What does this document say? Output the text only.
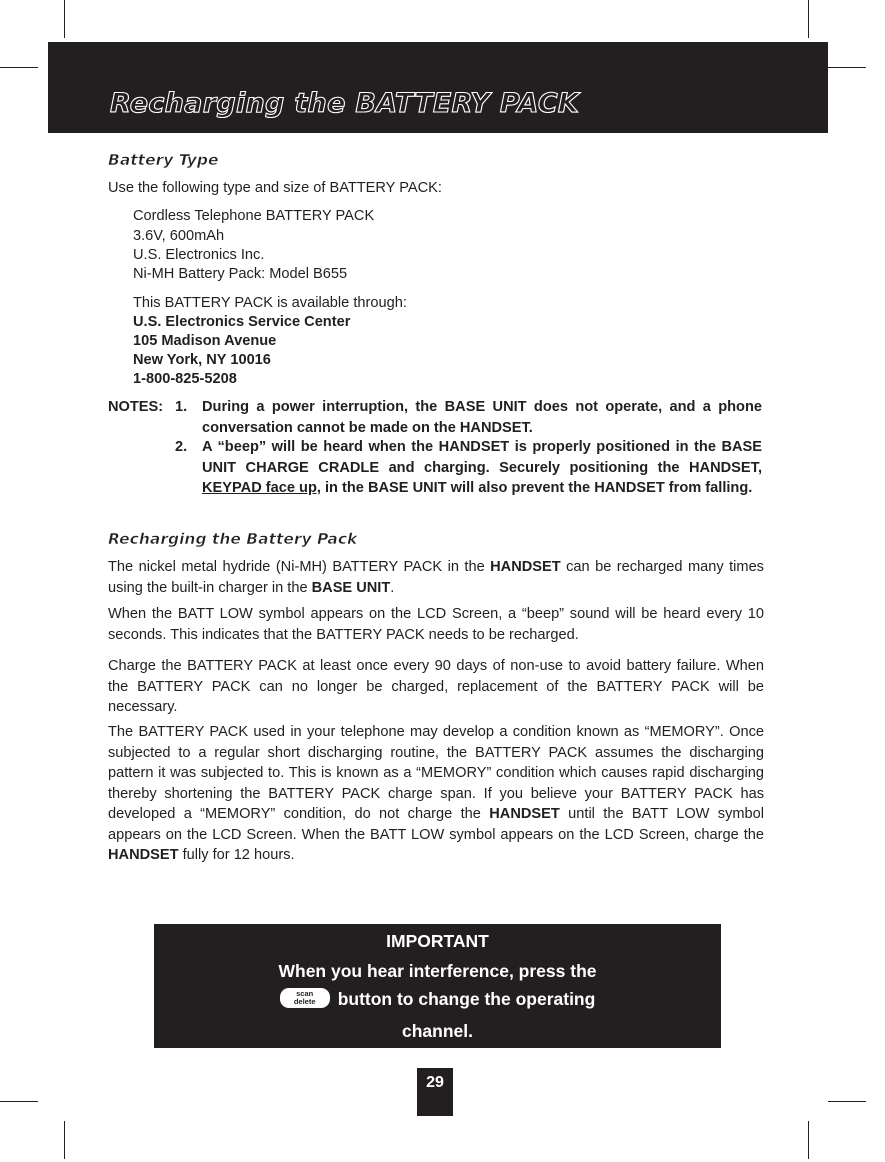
Recharging the BATTERY PACK
Battery Type

Use the following type and size of BATTERY PACK:

Cordless Telephone BATTERY PACK

3.6V, 600mAh

U.S. Electronics Inc.

Ni-MH Battery Pack: Model B655

This BATTERY PACK is available through:

U.S. Electronics Service Center

105 Madison Avenue

New York, NY 10016

1-800-825-5208

NOTES: 1. During a power interruption, the BASE UNIT does not operate, and a phone conversation cannot be made on the HANDSET.
2. A “beep” will be heard when the HANDSET is properly positioned in the BASE UNIT CHARGE CRADLE and charging. Securely positioning the HANDSET, KEYPAD face up, in the BASE UNIT will also prevent the HANDSET from falling.
Recharging the Battery Pack

The nickel metal hydride (Ni-MH) BATTERY PACK in the HANDSET can be recharged many times using the built-in charger in the BASE UNIT.

When the BATT LOW symbol appears on the LCD Screen, a “beep” sound will be heard every 10 seconds. This indicates that the BATTERY PACK needs to be recharged.

Charge the BATTERY PACK at least once every 90 days of non-use to avoid battery failure. When the BATTERY PACK can no longer be charged, replacement of the BATTERY PACK will be necessary.

The BATTERY PACK used in your telephone may develop a condition known as “MEMORY”. Once subjected to a regular short discharging routine, the BATTERY PACK assumes the discharging pattern it was subjected to. This is known as a “MEMORY” condition which causes rapid discharging thereby shortening the BATTERY PACK charge span. If you believe your BATTERY PACK has developed a “MEMORY” condition, do not charge the HANDSET until the BATT LOW symbol appears on the LCD Screen. When the BATT LOW symbol appears on the LCD Screen, charge the HANDSET fully for 12 hours.

IMPORTANT
When you hear interference, press the
scan
delete	button to change the operating
channel.
29
